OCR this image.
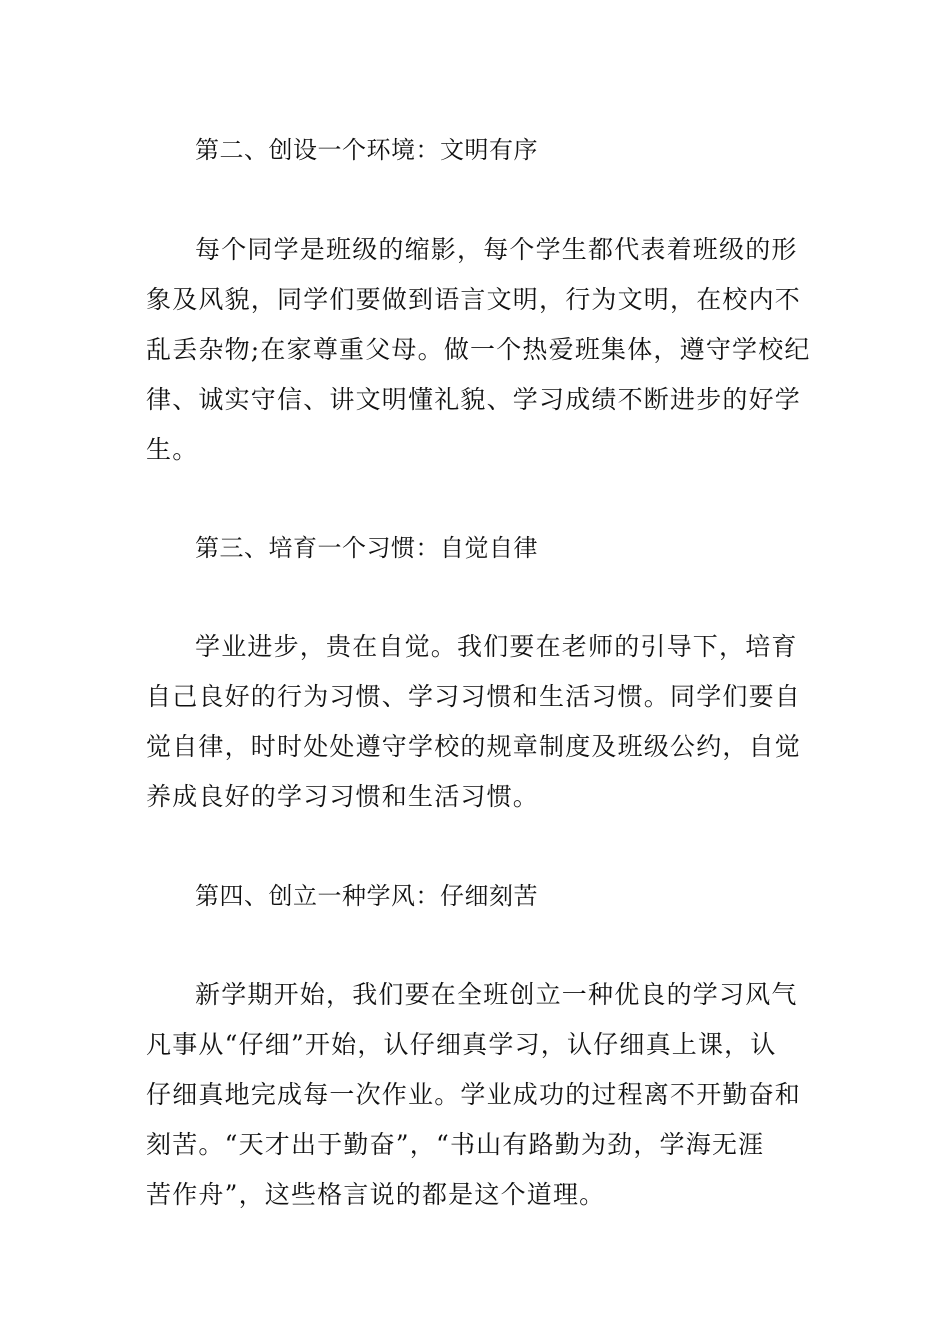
第二、创设一个环境：文明有序
每个同学是班级的缩影，每个学生都代表着班级的形
象及风貌，同学们要做到语言文明，行为文明，在校内不
乱丢杂物;在家尊重父母。做一个热爱班集体，遵守学校纪
律、诚实守信、讲文明懂礼貌、学习成绩不断进步的好学
生。
第三、培育一个习惯：自觉自律
学业进步，贵在自觉。我们要在老师的引导下，培育
自己良好的行为习惯、学习习惯和生活习惯。同学们要自
觉自律，时时处处遵守学校的规章制度及班级公约，自觉
养成良好的学习习惯和生活习惯。
第四、创立一种学风：仔细刻苦
新学期开始，我们要在全班创立一种优良的学习风气
凡事从“仔细”开始，认仔细真学习，认仔细真上课，认
仔细真地完成每一次作业。学业成功的过程离不开勤奋和
刻苦。“天才出于勤奋”，“书山有路勤为劲，学海无涯
苦作舟”，这些格言说的都是这个道理。
